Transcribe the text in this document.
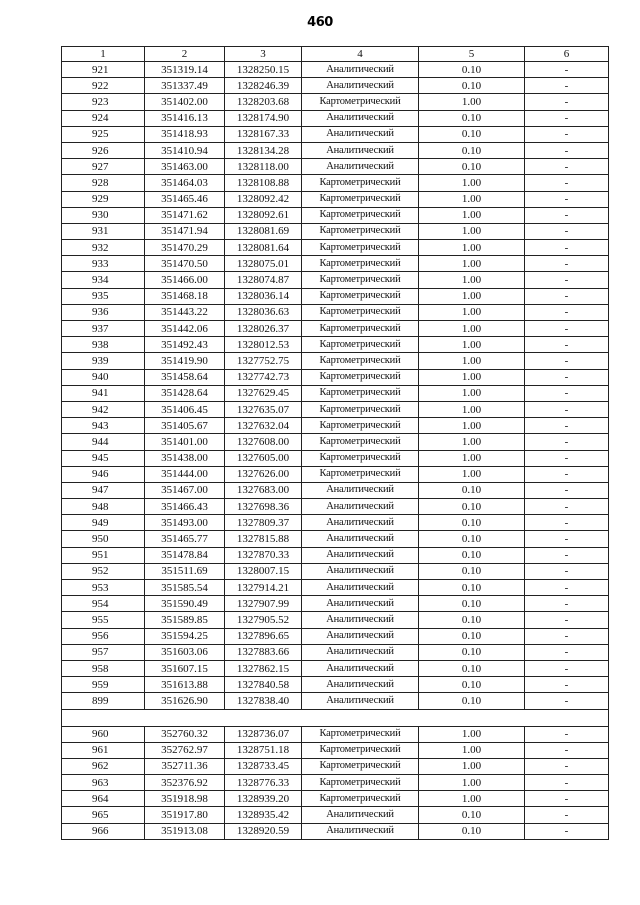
460
1	2	3	4	5	6
921	351319.14	1328250.15	Аналитический	0.10	-
922	351337.49	1328246.39	Аналитический	0.10	-
923	351402.00	1328203.68	Картометрический	1.00	-
924	351416.13	1328174.90	Аналитический	0.10	-
925	351418.93	1328167.33	Аналитический	0.10	-
926	351410.94	1328134.28	Аналитический	0.10	-
927	351463.00	1328118.00	Аналитический	0.10	-
928	351464.03	1328108.88	Картометрический	1.00	-
929	351465.46	1328092.42	Картометрический	1.00	-
930	351471.62	1328092.61	Картометрический	1.00	-
931	351471.94	1328081.69	Картометрический	1.00	-
932	351470.29	1328081.64	Картометрический	1.00	-
933	351470.50	1328075.01	Картометрический	1.00	-
934	351466.00	1328074.87	Картометрический	1.00	-
935	351468.18	1328036.14	Картометрический	1.00	-
936	351443.22	1328036.63	Картометрический	1.00	-
937	351442.06	1328026.37	Картометрический	1.00	-
938	351492.43	1328012.53	Картометрический	1.00	-
939	351419.90	1327752.75	Картометрический	1.00	-
940	351458.64	1327742.73	Картометрический	1.00	-
941	351428.64	1327629.45	Картометрический	1.00	-
942	351406.45	1327635.07	Картометрический	1.00	-
943	351405.67	1327632.04	Картометрический	1.00	-
944	351401.00	1327608.00	Картометрический	1.00	-
945	351438.00	1327605.00	Картометрический	1.00	-
946	351444.00	1327626.00	Картометрический	1.00	-
947	351467.00	1327683.00	Аналитический	0.10	-
948	351466.43	1327698.36	Аналитический	0.10	-
949	351493.00	1327809.37	Аналитический	0.10	-
950	351465.77	1327815.88	Аналитический	0.10	-
951	351478.84	1327870.33	Аналитический	0.10	-
952	351511.69	1328007.15	Аналитический	0.10	-
953	351585.54	1327914.21	Аналитический	0.10	-
954	351590.49	1327907.99	Аналитический	0.10	-
955	351589.85	1327905.52	Аналитический	0.10	-
956	351594.25	1327896.65	Аналитический	0.10	-
957	351603.06	1327883.66	Аналитический	0.10	-
958	351607.15	1327862.15	Аналитический	0.10	-
959	351613.88	1327840.58	Аналитический	0.10	-
899	351626.90	1327838.40	Аналитический	0.10	-

960	352760.32	1328736.07	Картометрический	1.00	-
961	352762.97	1328751.18	Картометрический	1.00	-
962	352711.36	1328733.45	Картометрический	1.00	-
963	352376.92	1328776.33	Картометрический	1.00	-
964	351918.98	1328939.20	Картометрический	1.00	-
965	351917.80	1328935.42	Аналитический	0.10	-
966	351913.08	1328920.59	Аналитический	0.10	-
